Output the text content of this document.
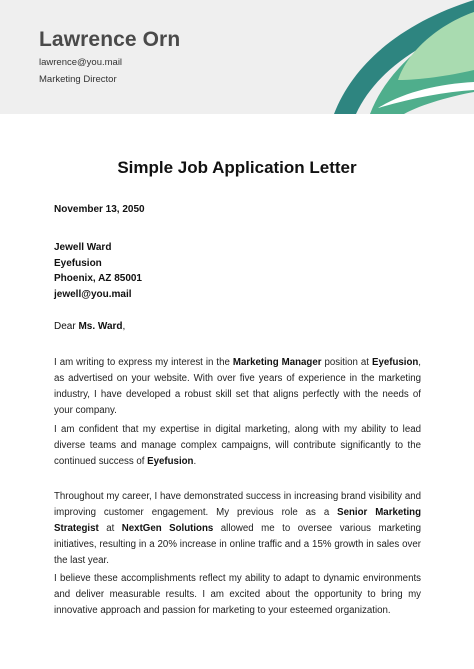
Lawrence Orn
lawrence@you.mail
Marketing Director
Simple Job Application Letter
November 13, 2050
Jewell Ward
Eyefusion
Phoenix, AZ 85001
jewell@you.mail
Dear Ms. Ward,

I am writing to express my interest in the Marketing Manager position at Eyefusion, as advertised on your website. With over five years of experience in the marketing industry, I have developed a robust skill set that aligns perfectly with the needs of your company.

I am confident that my expertise in digital marketing, along with my ability to lead diverse teams and manage complex campaigns, will contribute significantly to the continued success of Eyefusion.

Throughout my career, I have demonstrated success in increasing brand visibility and improving customer engagement. My previous role as a Senior Marketing Strategist at NextGen Solutions allowed me to oversee various marketing initiatives, resulting in a 20% increase in online traffic and a 15% growth in sales over the last year.

I believe these accomplishments reflect my ability to adapt to dynamic environments and deliver measurable results. I am excited about the opportunity to bring my innovative approach and passion for marketing to your esteemed organization.
